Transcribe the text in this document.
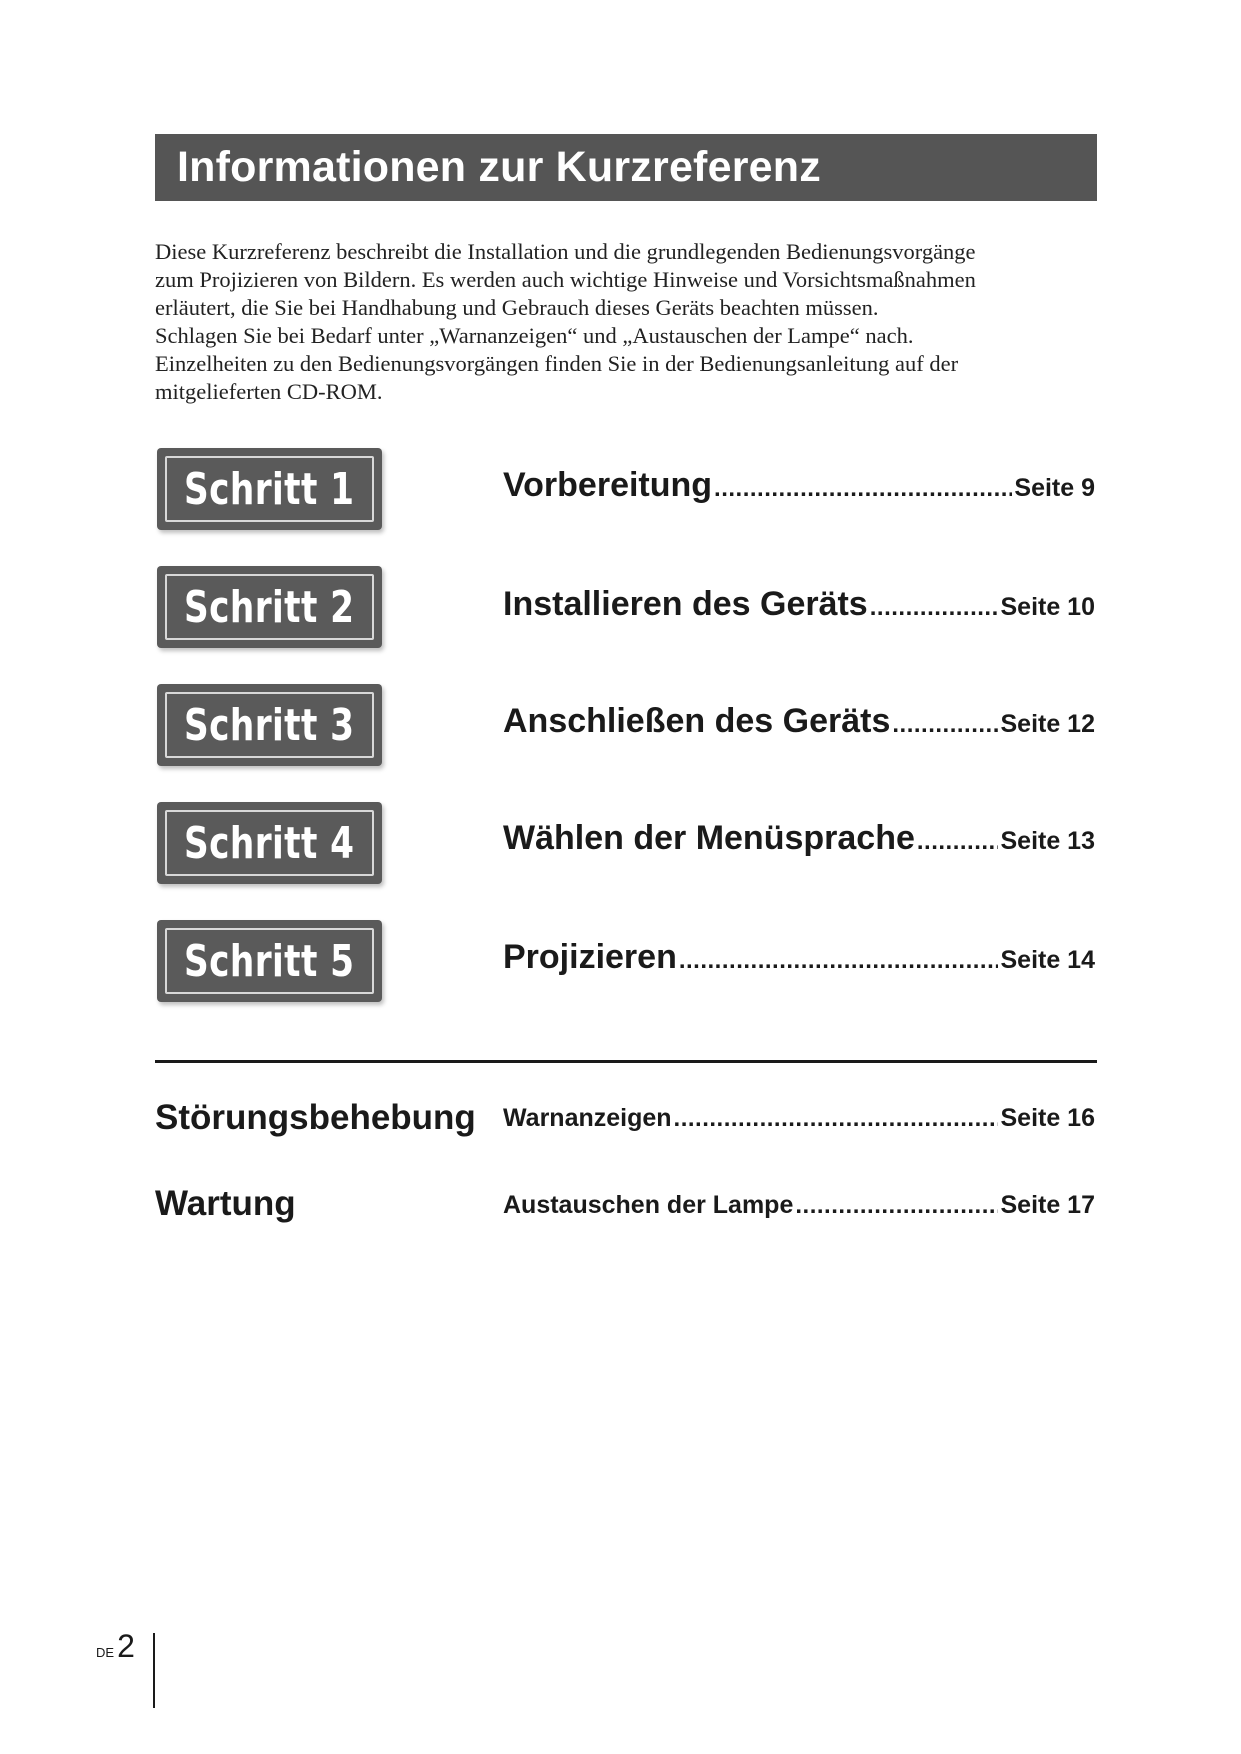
Informationen zur Kurzreferenz
Diese Kurzreferenz beschreibt die Installation und die grundlegenden Bedienungsvorgänge
zum Projizieren von Bildern. Es werden auch wichtige Hinweise und Vorsichtsmaßnahmen
erläutert, die Sie bei Handhabung und Gebrauch dieses Geräts beachten müssen.
Schlagen Sie bei Bedarf unter „Warnanzeigen“ und „Austauschen der Lampe“ nach.
Einzelheiten zu den Bedienungsvorgängen finden Sie in der Bedienungsanleitung auf der
mitgelieferten CD-ROM.
Schritt 1	Vorbereitung .....	Seite 9
Schritt 2	Installieren des Geräts .....	Seite 10
Schritt 3	Anschließen des Geräts .....	Seite 12
Schritt 4	Wählen der Menüsprache .....	Seite 13
Schritt 5	Projizieren .....	Seite 14
Störungsbehebung Warnanzeigen .....	Seite 16
Wartung	Austauschen der Lampe .....	Seite 17
DE 2
